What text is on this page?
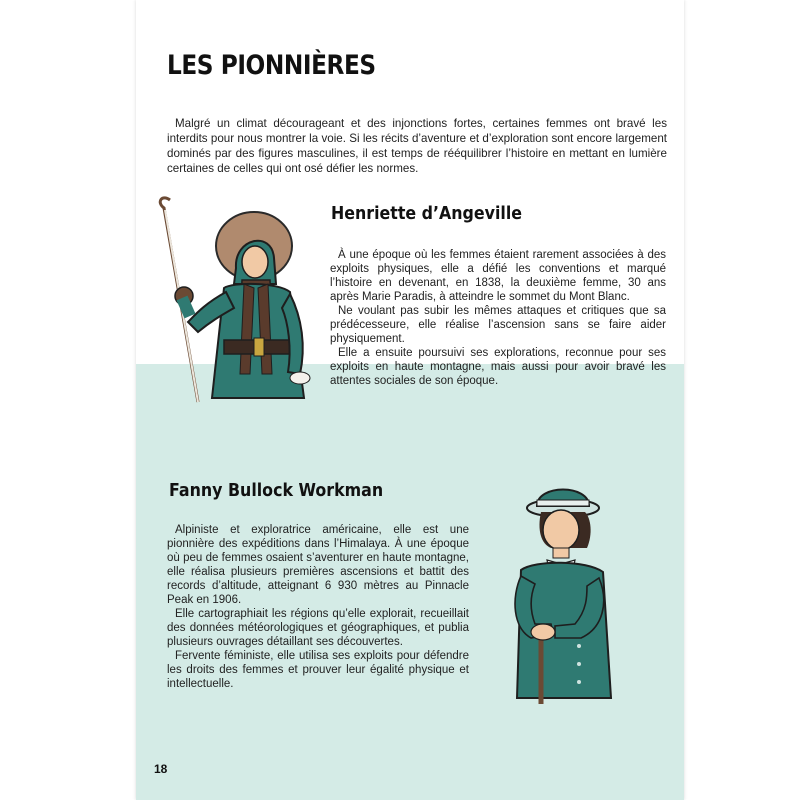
LES PIONNIÈRES

Malgré un climat décourageant et des injonctions fortes, certaines femmes ont bravé les interdits pour nous montrer la voie. Si les récits d’aventure et d’exploration sont encore largement dominés par des figures masculines, il est temps de rééquilibrer l’histoire en mettant en lumière certaines de celles qui ont osé défier les normes.

Henriette d’Angeville

À une époque où les femmes étaient rarement associées à des exploits physiques, elle a défié les conventions et marqué l’histoire en devenant, en 1838, la deuxième femme, 30 ans après Marie Paradis, à atteindre le sommet du Mont Blanc.

Ne voulant pas subir les mêmes attaques et critiques que sa prédécesseure, elle réalise l’ascension sans se faire aider physiquement.

Elle a ensuite poursuivi ses explorations, reconnue pour ses exploits en haute montagne, mais aussi pour avoir bravé les attentes sociales de son époque.

Fanny Bullock Workman

Alpiniste et exploratrice américaine, elle est une pionnière des expéditions dans l’Himalaya. À une époque où peu de femmes osaient s’aventurer en haute montagne, elle réalisa plusieurs premières ascensions et battit des records d’altitude, atteignant 6 930 mètres au Pinnacle Peak en 1906.

Elle cartographiait les régions qu’elle explorait, recueillait des données météorologiques et géographiques, et publia plusieurs ouvrages détaillant ses découvertes.

Fervente féministe, elle utilisa ses exploits pour défendre les droits des femmes et prouver leur égalité physique et intellectuelle.

18
